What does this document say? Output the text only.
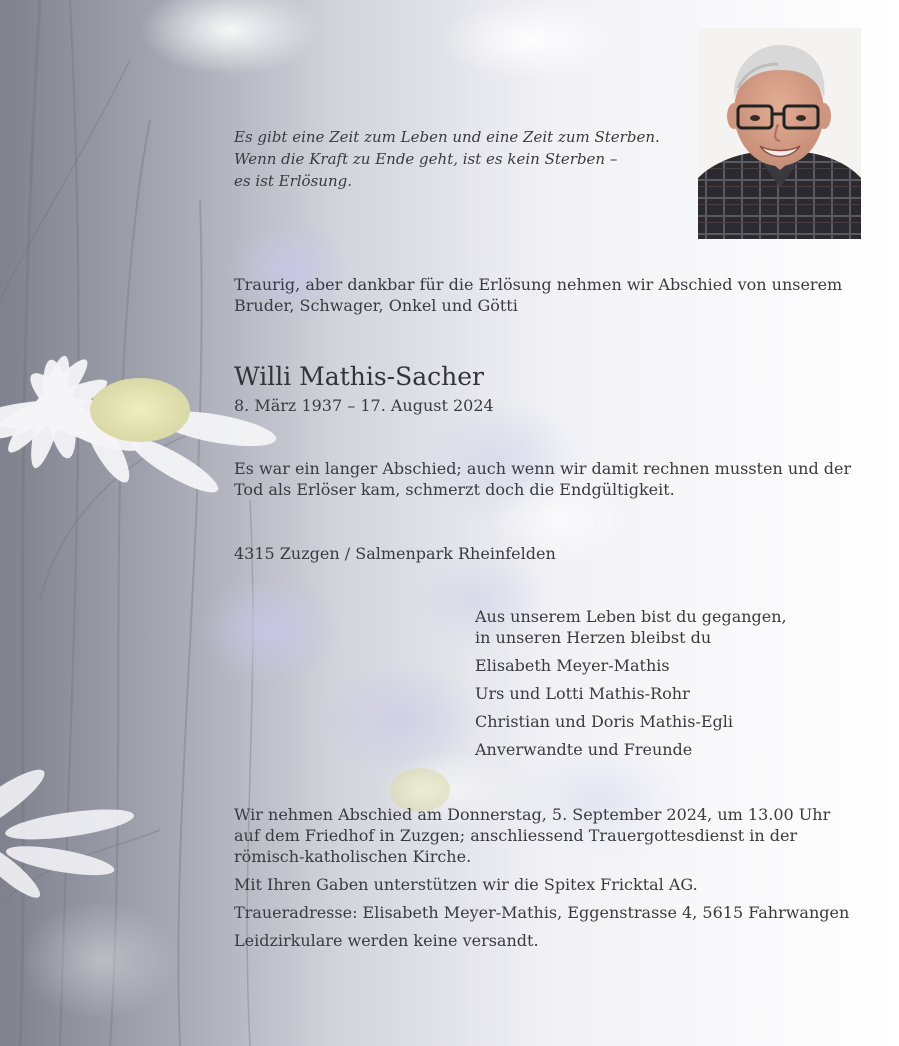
Es gibt eine Zeit zum Leben und eine Zeit zum Sterben.
Wenn die Kraft zu Ende geht, ist es kein Sterben –
es ist Erlösung.

Traurig, aber dankbar für die Erlösung nehmen wir Abschied von unserem
Bruder, Schwager, Onkel und Götti

Willi Mathis-Sacher

8. März 1937 – 17. August 2024

Es war ein langer Abschied; auch wenn wir damit rechnen mussten und der
Tod als Erlöser kam, schmerzt doch die Endgültigkeit.

4315 Zuzgen / Salmenpark Rheinfelden

Aus unserem Leben bist du gegangen,
in unseren Herzen bleibst du

Elisabeth Meyer-Mathis
Urs und Lotti Mathis-Rohr
Christian und Doris Mathis-Egli
Anverwandte und Freunde

Wir nehmen Abschied am Donnerstag, 5. September 2024, um 13.00 Uhr
auf dem Friedhof in Zuzgen; anschliessend Trauergottesdienst in der
römisch-katholischen Kirche.

Mit Ihren Gaben unterstützen wir die Spitex Fricktal AG.

Traueradresse: Elisabeth Meyer-Mathis, Eggenstrasse 4, 5615 Fahrwangen

Leidzirkulare werden keine versandt.
